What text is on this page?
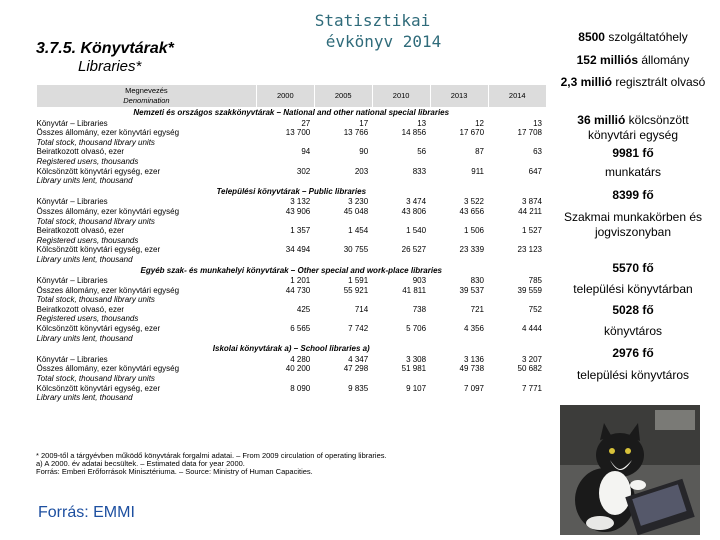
Statisztikai

évkönyv 2014
3.7.5. Könyvtárak*
Libraries*
Megnevezés
Denomination	2000	2005	2010	2013	2014
Nemzeti és országos szakkönyvtárak – National and other national special libraries					
Könyvtár – Libraries	27	17	13	12	13
Összes állomány, ezer könyvtári egység	13 700	13 766	14 856	17 670	17 708
Total stock, thousand library units					
Beiratkozott olvasó, ezer	94	90	56	87	63
Registered users, thousands					
Kölcsönzött könyvtári egység, ezer	302	203	833	911	647
Library units lent, thousand					
Települési könyvtárak – Public libraries					
Könyvtár – Libraries	3 132	3 230	3 474	3 522	3 874
Összes állomány, ezer könyvtári egység	43 906	45 048	43 806	43 656	44 211
Total stock, thousand library units					
Beiratkozott olvasó, ezer	1 357	1 454	1 540	1 506	1 527
Registered users, thousands					
Kölcsönzött könyvtári egység, ezer	34 494	30 755	26 527	23 339	23 123
Library units lent, thousand					
Egyéb szak- és munkahelyi könyvtárak – Other special and work-place libraries					
Könyvtár – Libraries	1 201	1 591	903	830	785
Összes állomány, ezer könyvtári egység	44 730	55 921	41 811	39 537	39 559
Total stock, thousand library units					
Beiratkozott olvasó, ezer	425	714	738	721	752
Registered users, thousands					
Kölcsönzött könyvtári egység, ezer	6 565	7 742	5 706	4 356	4 444
Library units lent, thousand					
Iskolai könyvtárak a) – School libraries a)					
Könyvtár – Libraries	4 280	4 347	3 308	3 136	3 207
Összes állomány, ezer könyvtári egység	40 200	47 298	51 981	49 738	50 682
Total stock, thousand library units					
Kölcsönzött könyvtári egység, ezer	8 090	9 835	9 107	7 097	7 771
Library units lent, thousand					
* 2009-től a tárgyévben működő könyvtárak forgalmi adatai. – From 2009 circulation of operating libraries.
a) A 2000. év adatai becsültek. – Estimated data for year 2000.
Forrás: Emberi Erőforrások Minisztériuma. – Source: Ministry of Human Capacities.
Forrás: EMMI
8500 szolgáltatóhely
152 milliós állomány
2,3 millió regisztrált olvasó
36 millió kölcsönzött könyvtári egység
9981 fő
munkatárs
8399 fő
Szakmai munkakörben és jogviszonyban
5570 fő
települési könyvtárban
5028 fő
könyvtáros
2976 fő
települési könyvtáros
